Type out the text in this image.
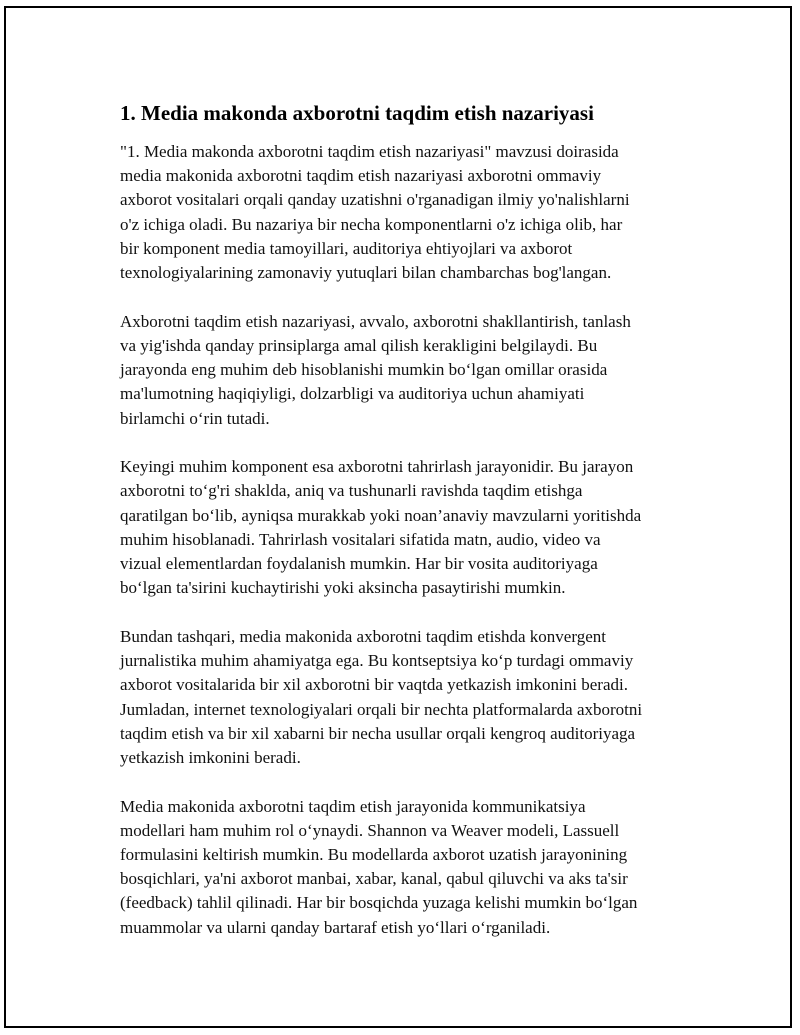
1. Media makonda axborotni taqdim etish nazariyasi

"1. Media makonda axborotni taqdim etish nazariyasi" mavzusi doirasida
media makonida axborotni taqdim etish nazariyasi axborotni ommaviy
axborot vositalari orqali qanday uzatishni o'rganadigan ilmiy yo'nalishlarni
o'z ichiga oladi. Bu nazariya bir necha komponentlarni o'z ichiga olib, har
bir komponent media tamoyillari, auditoriya ehtiyojlari va axborot
texnologiyalarining zamonaviy yutuqlari bilan chambarchas bog'langan.

Axborotni taqdim etish nazariyasi, avvalo, axborotni shakllantirish, tanlash
va yig'ishda qanday prinsiplarga amal qilish kerakligini belgilaydi. Bu
jarayonda eng muhim deb hisoblanishi mumkin bo‘lgan omillar orasida
ma'lumotning haqiqiyligi, dolzarbligi va auditoriya uchun ahamiyati
birlamchi o‘rin tutadi.

Keyingi muhim komponent esa axborotni tahrirlash jarayonidir. Bu jarayon
axborotni to‘g'ri shaklda, aniq va tushunarli ravishda taqdim etishga
qaratilgan bo‘lib, ayniqsa murakkab yoki noan’anaviy mavzularni yoritishda
muhim hisoblanadi. Tahrirlash vositalari sifatida matn, audio, video va
vizual elementlardan foydalanish mumkin. Har bir vosita auditoriyaga
bo‘lgan ta'sirini kuchaytirishi yoki aksincha pasaytirishi mumkin.

Bundan tashqari, media makonida axborotni taqdim etishda konvergent
jurnalistika muhim ahamiyatga ega. Bu kontseptsiya ko‘p turdagi ommaviy
axborot vositalarida bir xil axborotni bir vaqtda yetkazish imkonini beradi.
Jumladan, internet texnologiyalari orqali bir nechta platformalarda axborotni
taqdim etish va bir xil xabarni bir necha usullar orqali kengroq auditoriyaga
yetkazish imkonini beradi.

Media makonida axborotni taqdim etish jarayonida kommunikatsiya
modellari ham muhim rol o‘ynaydi. Shannon va Weaver modeli, Lassuell
formulasini keltirish mumkin. Bu modellarda axborot uzatish jarayonining
bosqichlari, ya'ni axborot manbai, xabar, kanal, qabul qiluvchi va aks ta'sir
(feedback) tahlil qilinadi. Har bir bosqichda yuzaga kelishi mumkin bo‘lgan
muammolar va ularni qanday bartaraf etish yo‘llari o‘rganiladi.
